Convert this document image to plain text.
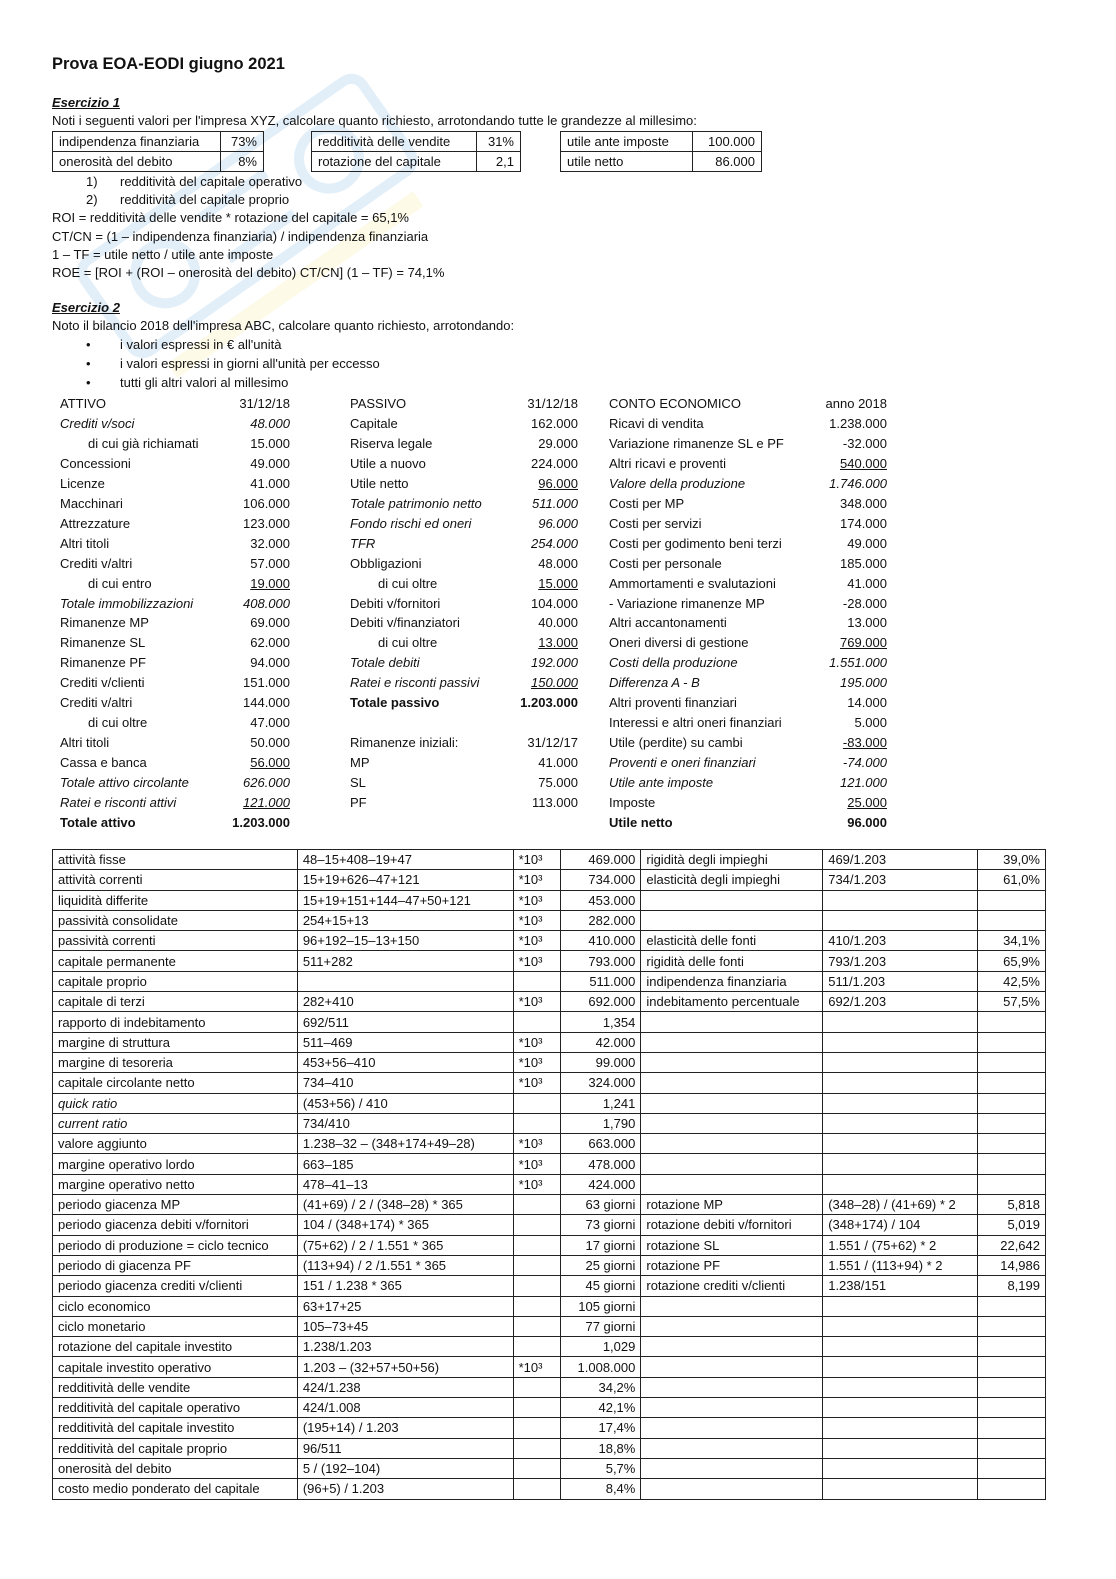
Prova EOA-EODI giugno 2021
Esercizio 1
Noti i seguenti valori per l'impresa XYZ, calcolare quanto richiesto, arrotondando tutte le grandezze al millesimo:
indipendenza finanziaria	73%
onerosità del debito	8%
redditività delle vendite	31%
rotazione del capitale	2,1
utile ante imposte	100.000
utile netto	86.000
1) redditività del capitale operativo
2) redditività del capitale proprio
ROI = redditività delle vendite * rotazione del capitale = 65,1%
CT/CN = (1 – indipendenza finanziaria) / indipendenza finanziaria
1 – TF = utile netto / utile ante imposte
ROE = [ROI + (ROI – onerosità del debito) CT/CN] (1 – TF) = 74,1%
Esercizio 2
Noto il bilancio 2018 dell'impresa ABC, calcolare quanto richiesto, arrotondando:
• i valori espressi in € all'unità
• i valori espressi in giorni all'unità per eccesso
• tutti gli altri valori al millesimo
ATTIVO	31/12/18
Crediti v/soci	48.000
di cui già richiamati	15.000
Concessioni	49.000
Licenze	41.000
Macchinari	106.000
Attrezzature	123.000
Altri titoli	32.000
Crediti v/altri	57.000
di cui entro	19.000
Totale immobilizzazioni	408.000
Rimanenze MP	69.000
Rimanenze SL	62.000
Rimanenze PF	94.000
Crediti v/clienti	151.000
Crediti v/altri	144.000
di cui oltre	47.000
Altri titoli	50.000
Cassa e banca	56.000
Totale attivo circolante	626.000
Ratei e risconti attivi	121.000
Totale attivo	1.203.000
PASSIVO	31/12/18
Capitale	162.000
Riserva legale	29.000
Utile a nuovo	224.000
Utile netto	96.000
Totale patrimonio netto	511.000
Fondo rischi ed oneri	96.000
TFR	254.000
Obbligazioni	48.000
di cui oltre	15.000
Debiti v/fornitori	104.000
Debiti v/finanziatori	40.000
di cui oltre	13.000
Totale debiti	192.000
Ratei e risconti passivi	150.000
Totale passivo	1.203.000
Rimanenze iniziali:	31/12/17
MP	41.000
SL	75.000
PF	113.000
CONTO ECONOMICO	anno 2018
Ricavi di vendita	1.238.000
Variazione rimanenze SL e PF	-32.000
Altri ricavi e proventi	540.000
Valore della produzione	1.746.000
Costi per MP	348.000
Costi per servizi	174.000
Costi per godimento beni terzi	49.000
Costi per personale	185.000
Ammortamenti e svalutazioni	41.000
- Variazione rimanenze MP	-28.000
Altri accantonamenti	13.000
Oneri diversi di gestione	769.000
Costi della produzione	1.551.000
Differenza A - B	195.000
Altri proventi finanziari	14.000
Interessi e altri oneri finanziari	5.000
Utile (perdite) su cambi	-83.000
Proventi e oneri finanziari	-74.000
Utile ante imposte	121.000
Imposte	25.000
Utile netto	96.000
attività fisse	48–15+408–19+47	*10³	469.000	rigidità degli impieghi	469/1.203	39,0%
attività correnti	15+19+626–47+121	*10³	734.000	elasticità degli impieghi	734/1.203	61,0%
liquidità differite	15+19+151+144–47+50+121	*10³	453.000			
passività consolidate	254+15+13	*10³	282.000			
passività correnti	96+192–15–13+150	*10³	410.000	elasticità delle fonti	410/1.203	34,1%
capitale permanente	511+282	*10³	793.000	rigidità delle fonti	793/1.203	65,9%
capitale proprio			511.000	indipendenza finanziaria	511/1.203	42,5%
capitale di terzi	282+410	*10³	692.000	indebitamento percentuale	692/1.203	57,5%
rapporto di indebitamento	692/511		1,354			
margine di struttura	511–469	*10³	42.000			
margine di tesoreria	453+56–410	*10³	99.000			
capitale circolante netto	734–410	*10³	324.000			
quick ratio	(453+56) / 410		1,241			
current ratio	734/410		1,790			
valore aggiunto	1.238–32 – (348+174+49–28)	*10³	663.000			
margine operativo lordo	663–185	*10³	478.000			
margine operativo netto	478–41–13	*10³	424.000			
periodo giacenza MP	(41+69) / 2 / (348–28) * 365		63 giorni	rotazione MP	(348–28) / (41+69) * 2	5,818
periodo giacenza debiti v/fornitori	104 / (348+174) * 365		73 giorni	rotazione debiti v/fornitori	(348+174) / 104	5,019
periodo di produzione = ciclo tecnico	(75+62) / 2 / 1.551 * 365		17 giorni	rotazione SL	1.551 / (75+62) * 2	22,642
periodo di giacenza PF	(113+94) / 2 /1.551 * 365		25 giorni	rotazione PF	1.551 / (113+94) * 2	14,986
periodo giacenza crediti v/clienti	151 / 1.238 * 365		45 giorni	rotazione crediti v/clienti	1.238/151	8,199
ciclo economico	63+17+25		105 giorni			
ciclo monetario	105–73+45		77 giorni			
rotazione del capitale investito	1.238/1.203		1,029			
capitale investito operativo	1.203 – (32+57+50+56)	*10³	1.008.000			
redditività delle vendite	424/1.238		34,2%			
redditività del capitale operativo	424/1.008		42,1%			
redditività del capitale investito	(195+14) / 1.203		17,4%			
redditività del capitale proprio	96/511		18,8%			
onerosità del debito	5 / (192–104)		5,7%			
costo medio ponderato del capitale	(96+5) / 1.203		8,4%			
